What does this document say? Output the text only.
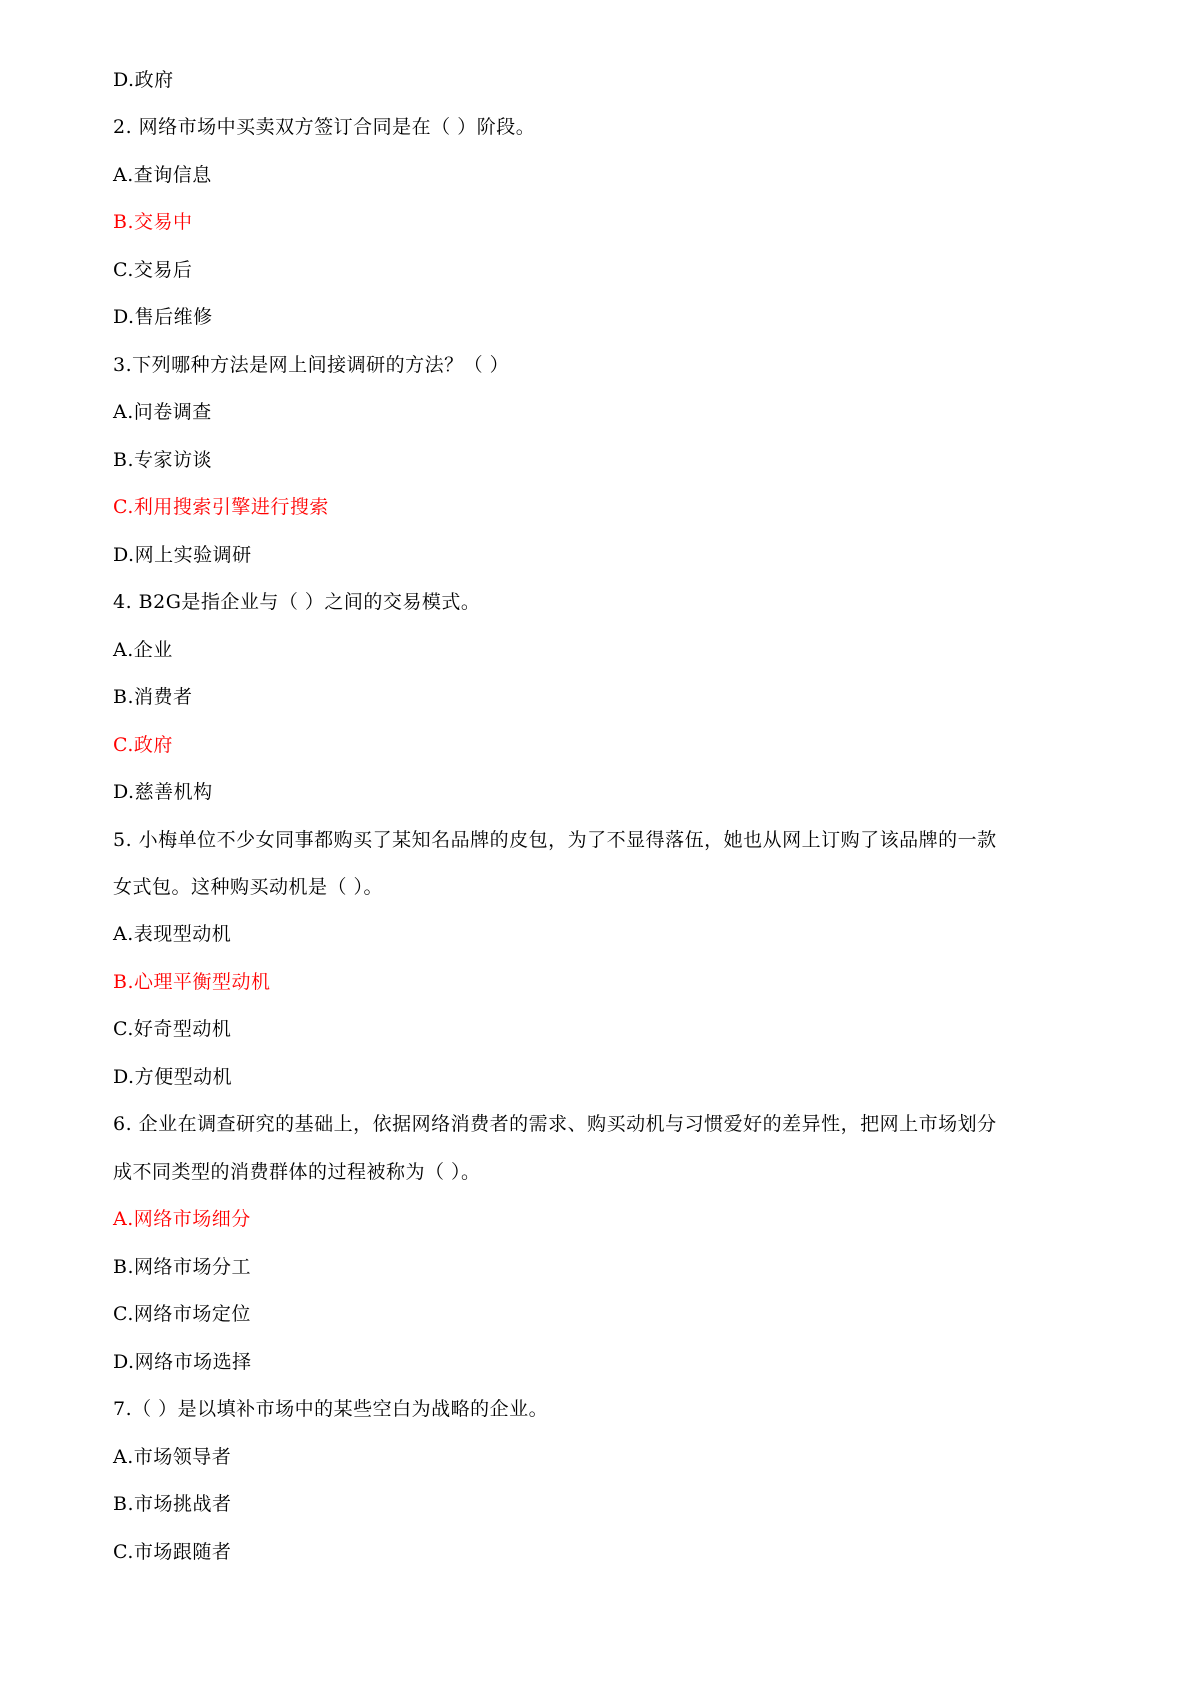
D.政府
2. 网络市场中买卖双方签订合同是在（ ）阶段。
A.查询信息
B.交易中
C.交易后
D.售后维修
3.下列哪种方法是网上间接调研的方法？（ ）
A.问卷调查
B.专家访谈
C.利用搜索引擎进行搜索
D.网上实验调研
4. B2G是指企业与（ ）之间的交易模式。
A.企业
B.消费者
C.政府
D.慈善机构
5. 小梅单位不少女同事都购买了某知名品牌的皮包，为了不显得落伍，她也从网上订购了该品牌的一款
女式包。这种购买动机是（ ）。
A.表现型动机
B.心理平衡型动机
C.好奇型动机
D.方便型动机
6. 企业在调查研究的基础上，依据网络消费者的需求、购买动机与习惯爱好的差异性，把网上市场划分
成不同类型的消费群体的过程被称为（ ）。
A.网络市场细分
B.网络市场分工
C.网络市场定位
D.网络市场选择
7.（ ）是以填补市场中的某些空白为战略的企业。
A.市场领导者
B.市场挑战者
C.市场跟随者
